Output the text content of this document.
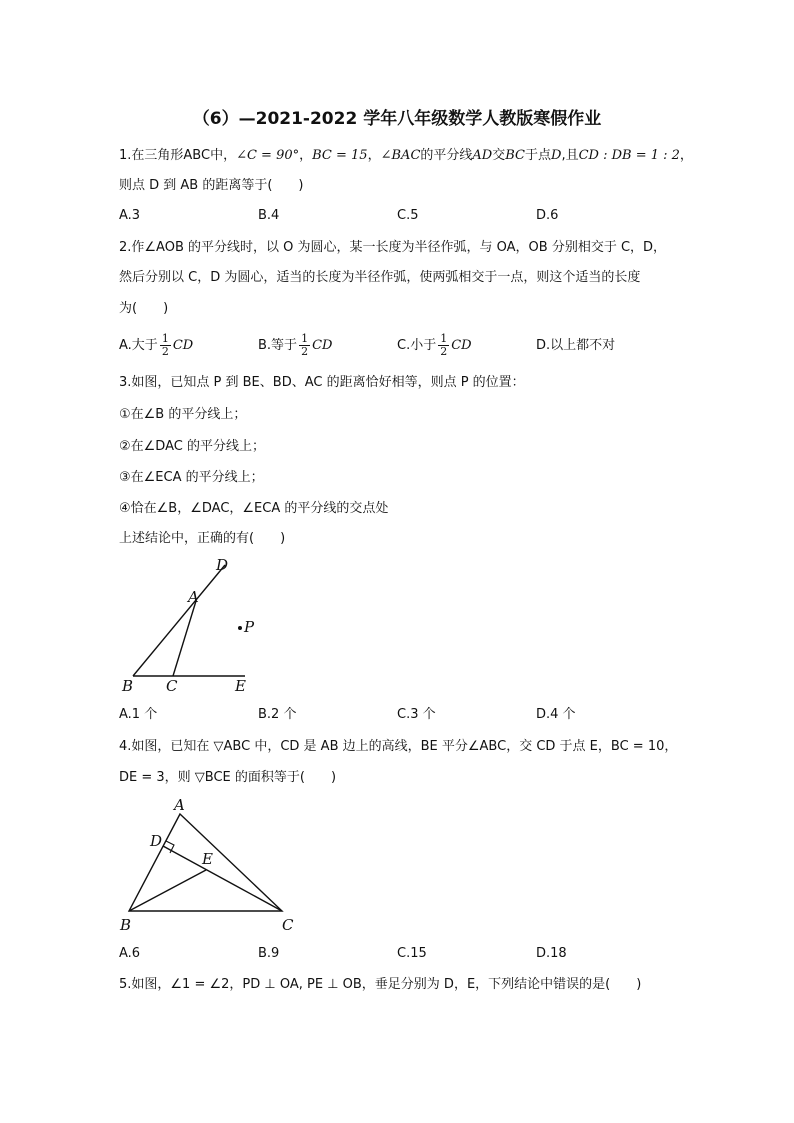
（6）—2021-2022 学年八年级数学人教版寒假作业
1.在三角形ABC中，∠C = 90°，BC = 15，∠BAC的平分线AD交BC于点D,且CD : DB = 1 : 2，
则点 D 到 AB 的距离等于(　　)
A.3	B.4	C.5	D.6
2.作∠AOB 的平分线时，以 O 为圆心，某一长度为半径作弧，与 OA，OB 分别相交于 C，D，
然后分别以 C，D 为圆心，适当的长度为半径作弧，使两弧相交于一点，则这个适当的长度
为(　　)
A.大于 $\frac{1}{2}$ CD	B.等于 $\frac{1}{2}$ CD	C.小于 $\frac{1}{2}$ CD	D.以上都不对
3.如图，已知点 P 到 BE、BD、AC 的距离恰好相等，则点 P 的位置：
①在∠B 的平分线上；
②在∠DAC 的平分线上；
③在∠ECA 的平分线上；
④恰在∠B，∠DAC，∠ECA 的平分线的交点处
上述结论中，正确的有(　　)
D
A
P
B C	E
A.1 个	B.2 个	C.3 个	D.4 个
4.如图，已知在 ▽ABC 中，CD 是 AB 边上的高线，BE 平分∠ABC，交 CD 于点 E，BC = 10，
DE = 3，则 ▽BCE 的面积等于(　　)
A
D
E
B	C
A.6	B.9	C.15	D.18
5.如图，∠1 = ∠2，PD ⊥ OA, PE ⊥ OB，垂足分别为 D，E，下列结论中错误的是(　　)
